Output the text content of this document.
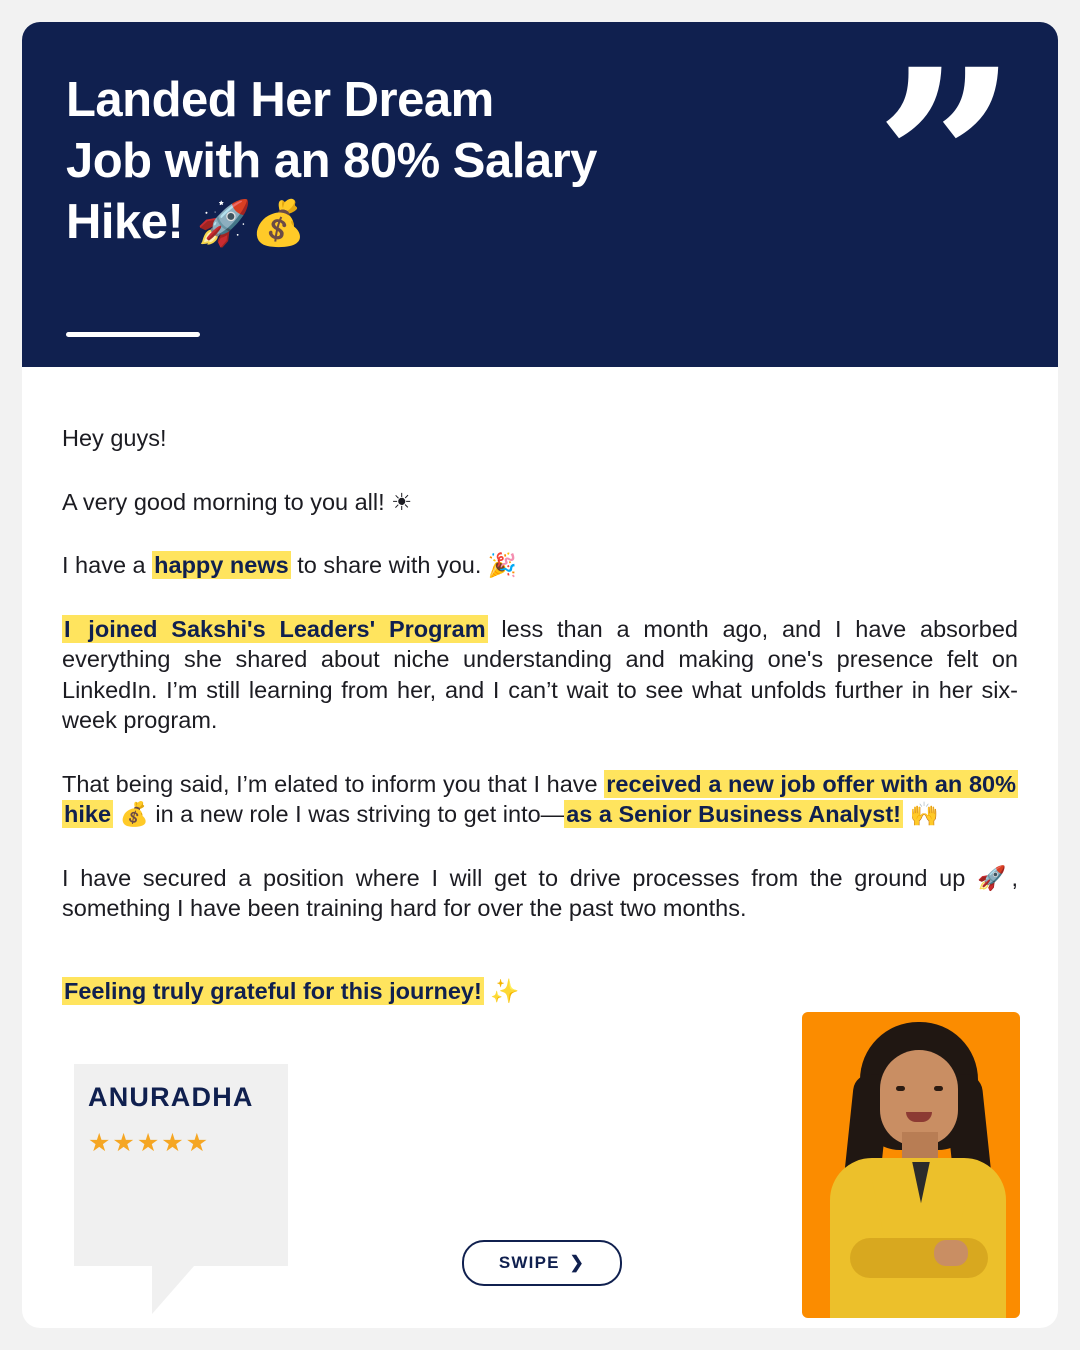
Landed Her Dream
Job with an 80% Salary
Hike! 🚀💰	”

Hey guys!

A very good morning to you all! ☀

I have a happy news to share with you. 🎉

I joined Sakshi's Leaders' Program less than a month ago, and I have absorbed everything she shared about niche understanding and making one's presence felt on LinkedIn. I’m still learning from her, and I can’t wait to see what unfolds further in her six-week program.

That being said, I’m elated to inform you that I have received a new job offer with an 80% hike 💰 in a new role I was striving to get into—as a Senior Business Analyst! 🙌

I have secured a position where I will get to drive processes from the ground up 🚀, something I have been training hard for over the past two months.

Feeling truly grateful for this journey! ✨

ANURADHA
★★★★★
SWIPE ❯
